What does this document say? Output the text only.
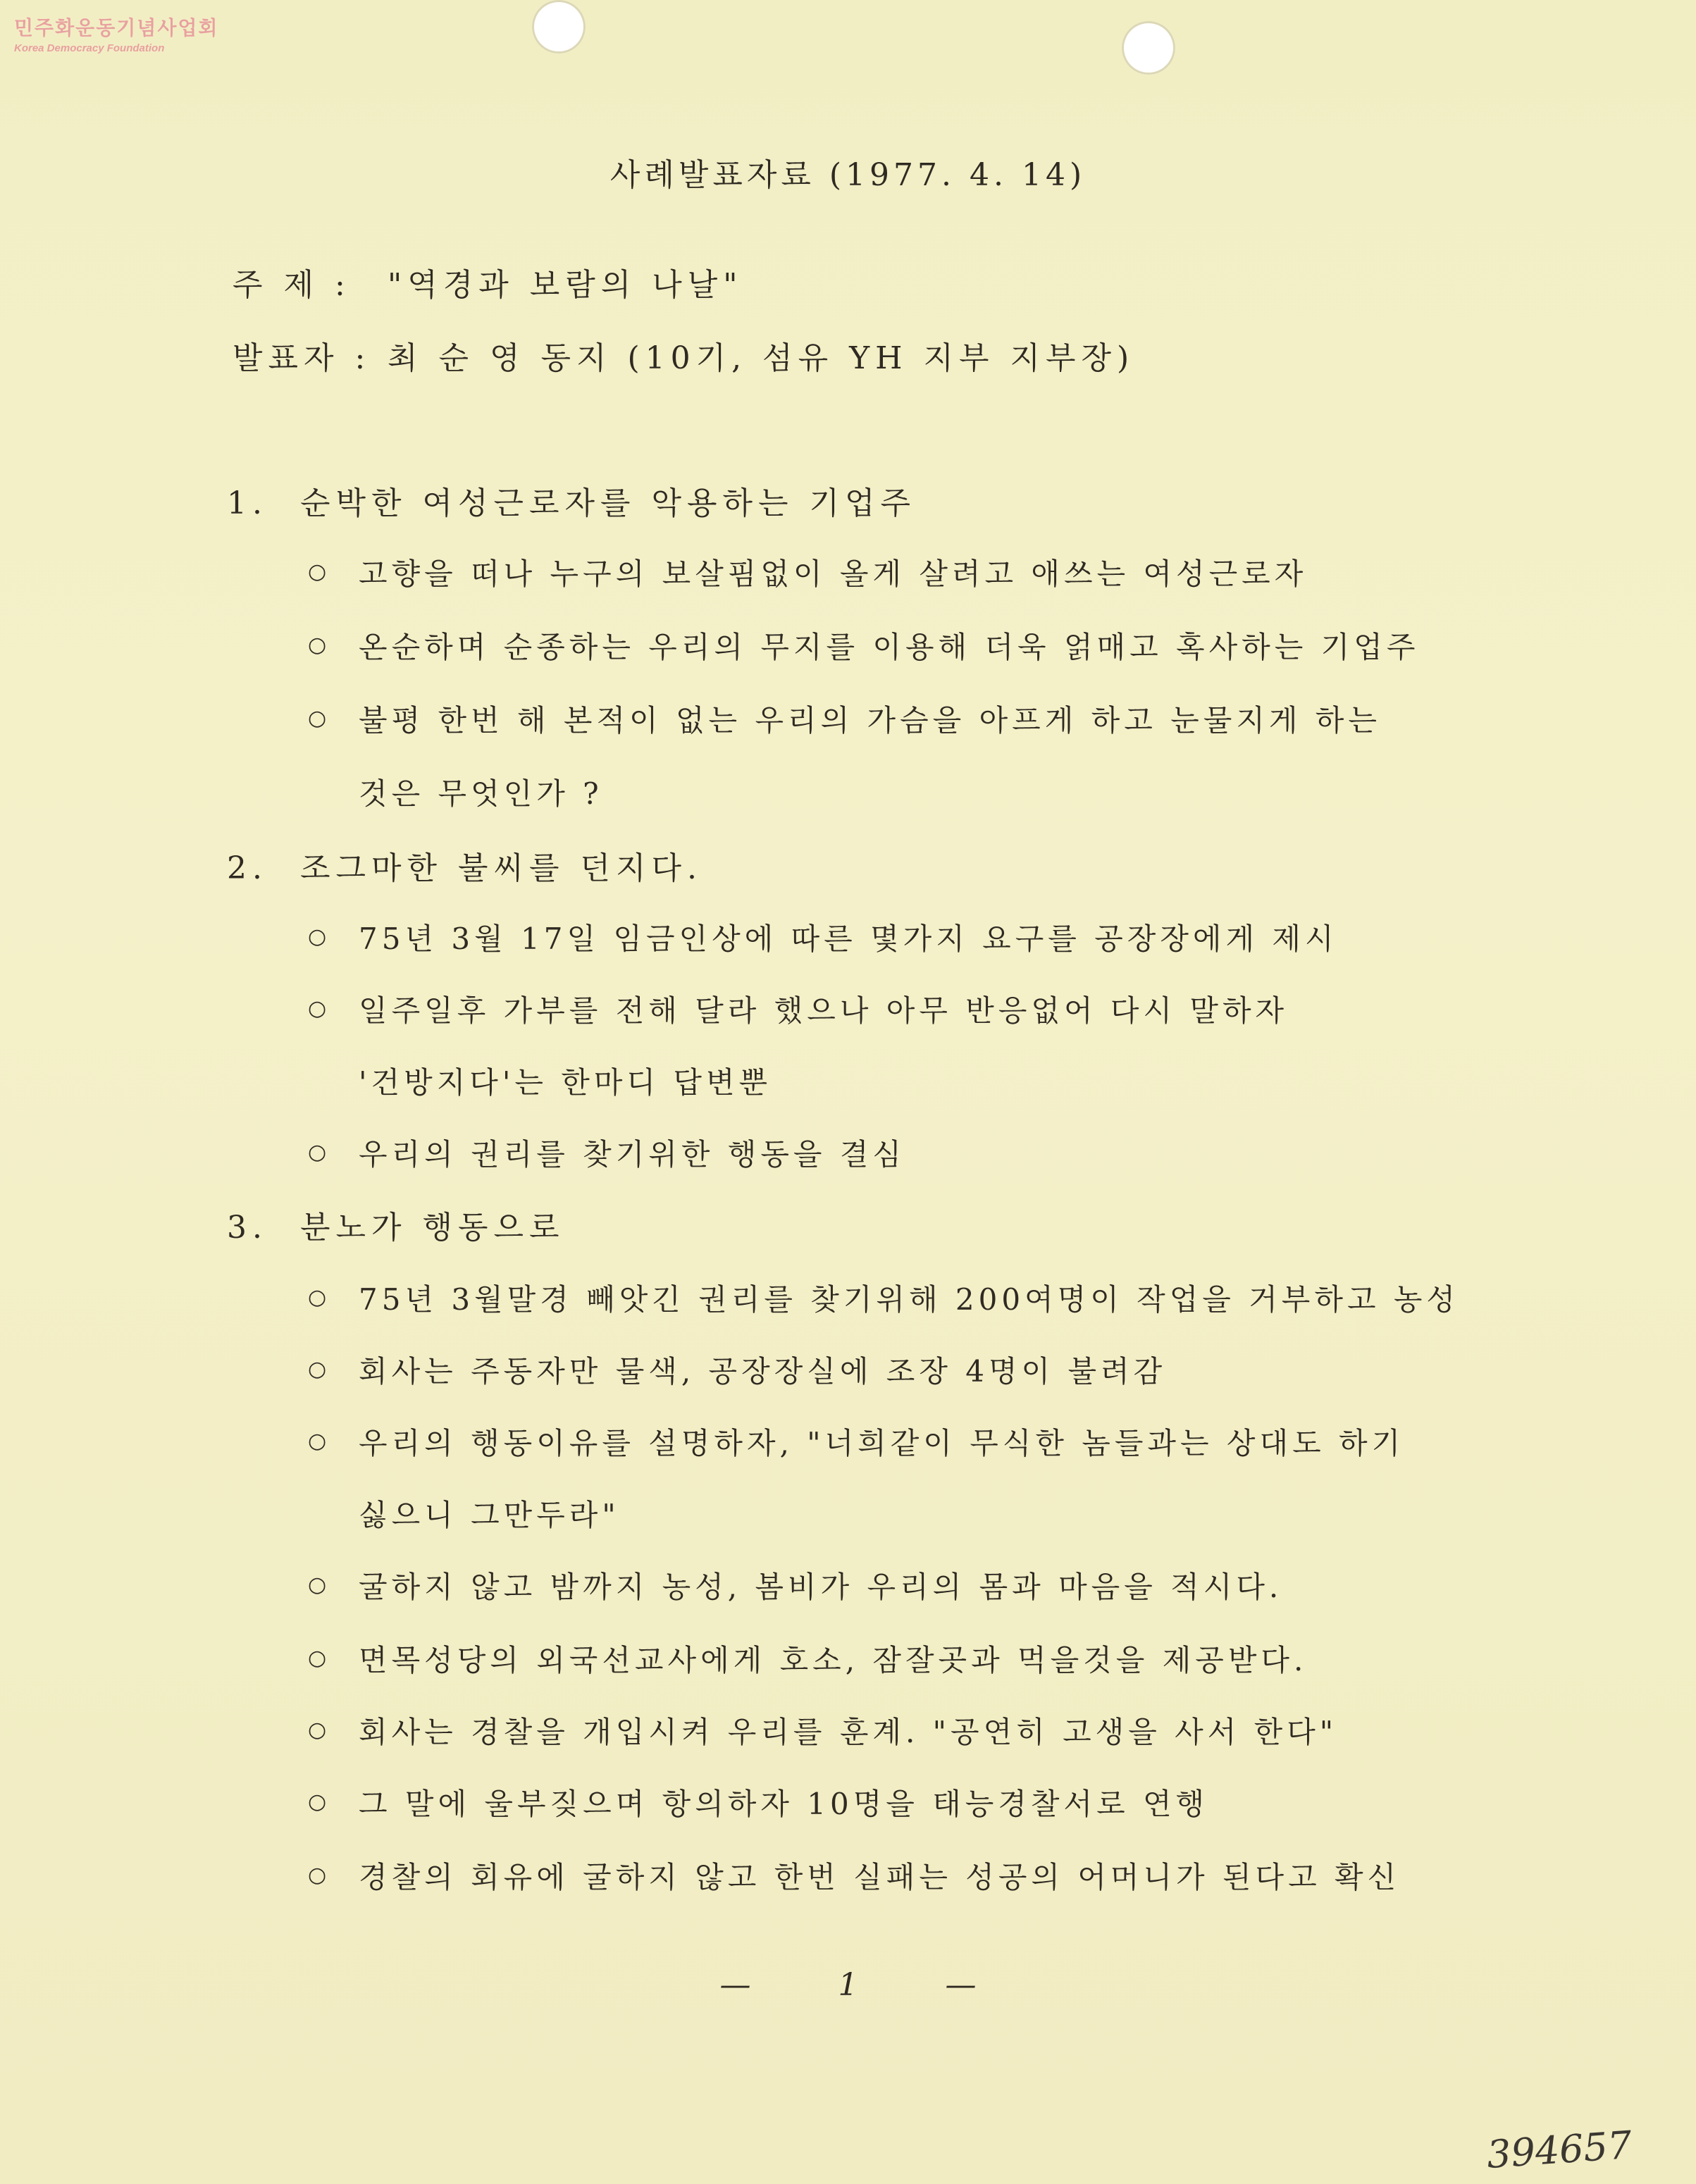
민주화운동기념사업회
Korea Democracy Foundation
사례발표자료 (1977. 4. 14)
주 제 : "역경과 보람의 나날"
발표자 : 최 순 영 동지 (10기, 섬유 YH 지부 지부장)
1. 순박한 여성근로자를 악용하는 기업주
○ 고향을 떠나 누구의 보살핌없이 올게 살려고 애쓰는 여성근로자
○ 온순하며 순종하는 우리의 무지를 이용해 더욱 얽매고 혹사하는 기업주
○ 불평 한번 해 본적이 없는 우리의 가슴을 아프게 하고 눈물지게 하는
것은 무엇인가 ?
2. 조그마한 불씨를 던지다.
○ 75년 3월 17일 임금인상에 따른 몇가지 요구를 공장장에게 제시
○ 일주일후 가부를 전해 달라 했으나 아무 반응없어 다시 말하자
'건방지다'는 한마디 답변뿐
○ 우리의 권리를 찾기위한 행동을 결심
3. 분노가 행동으로
○ 75년 3월말경 빼앗긴 권리를 찾기위해 200여명이 작업을 거부하고 농성
○ 회사는 주동자만 물색, 공장장실에 조장 4명이 불려감
○ 우리의 행동이유를 설명하자, "너희같이 무식한 놈들과는 상대도 하기
싫으니 그만두라"
○ 굴하지 않고 밤까지 농성, 봄비가 우리의 몸과 마음을 적시다.
○ 면목성당의 외국선교사에게 호소, 잠잘곳과 먹을것을 제공받다.
○ 회사는 경찰을 개입시켜 우리를 훈계. "공연히 고생을 사서 한다"
○ 그 말에 울부짖으며 항의하자 10명을 태능경찰서로 연행
○ 경찰의 회유에 굴하지 않고 한번 실패는 성공의 어머니가 된다고 확신
—	1	—
394657
